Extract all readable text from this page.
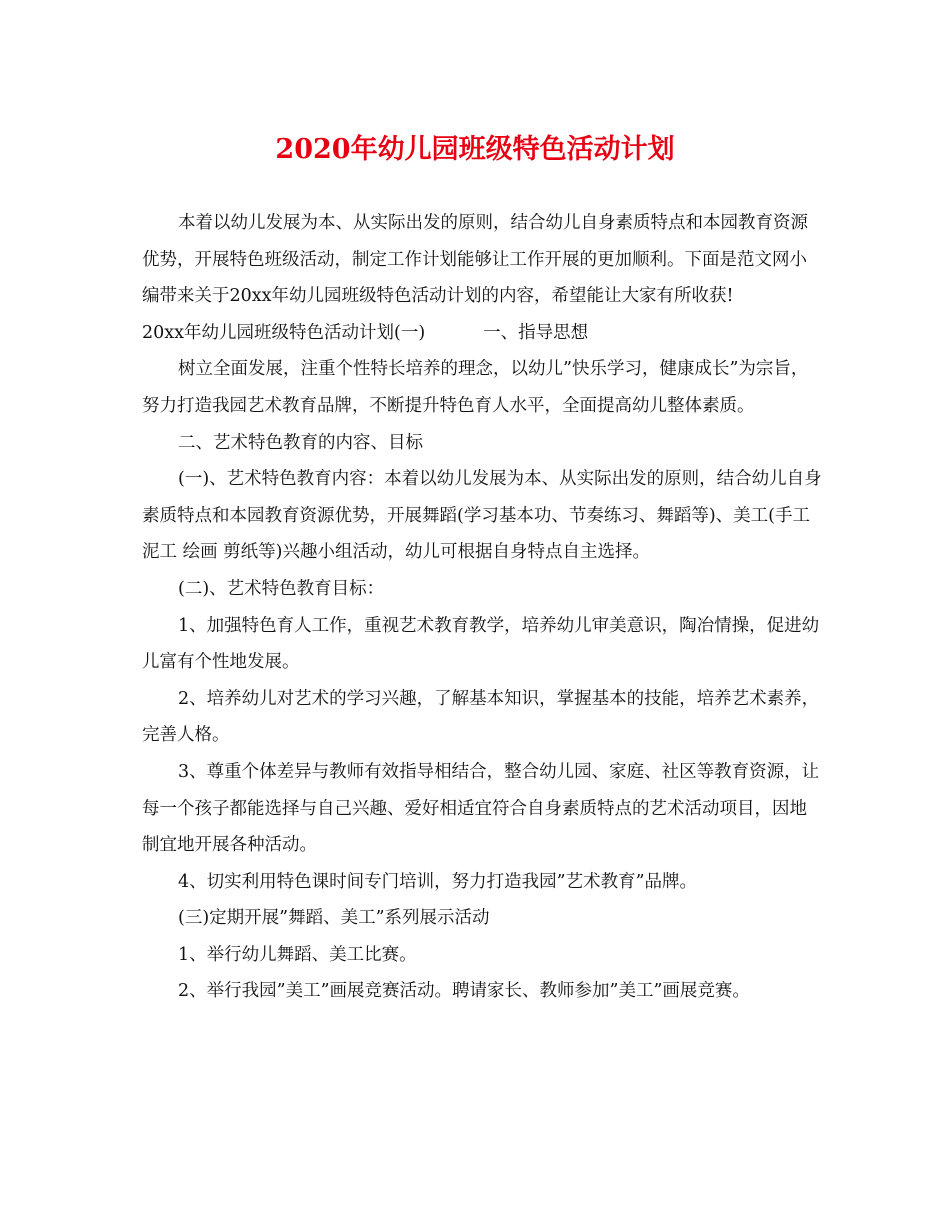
2020年幼儿园班级特色活动计划

本着以幼儿发展为本、从实际出发的原则，结合幼儿自身素质特点和本园教育资源优势，开展特色班级活动，制定工作计划能够让工作开展的更加顺利。下面是范文网小编带来关于20xx年幼儿园班级特色活动计划的内容，希望能让大家有所收获!

20xx年幼儿园班级特色活动计划(一)	一、指导思想

树立全面发展，注重个性特长培养的理念，以幼儿”快乐学习，健康成长”为宗旨，努力打造我园艺术教育品牌，不断提升特色育人水平，全面提高幼儿整体素质。

二、艺术特色教育的内容、目标

(一)、艺术特色教育内容：本着以幼儿发展为本、从实际出发的原则，结合幼儿自身素质特点和本园教育资源优势，开展舞蹈(学习基本功、节奏练习、舞蹈等)、美工(手工 泥工 绘画 剪纸等)兴趣小组活动，幼儿可根据自身特点自主选择。

(二)、艺术特色教育目标：

1、加强特色育人工作，重视艺术教育教学，培养幼儿审美意识，陶冶情操，促进幼儿富有个性地发展。

2、培养幼儿对艺术的学习兴趣，了解基本知识，掌握基本的技能，培养艺术素养，完善人格。

3、尊重个体差异与教师有效指导相结合，整合幼儿园、家庭、社区等教育资源，让每一个孩子都能选择与自己兴趣、爱好相适宜符合自身素质特点的艺术活动项目，因地制宜地开展各种活动。

4、切实利用特色课时间专门培训，努力打造我园”艺术教育”品牌。

(三)定期开展”舞蹈、美工”系列展示活动

1、举行幼儿舞蹈、美工比赛。

2、举行我园”美工”画展竞赛活动。聘请家长、教师参加”美工”画展竞赛。
